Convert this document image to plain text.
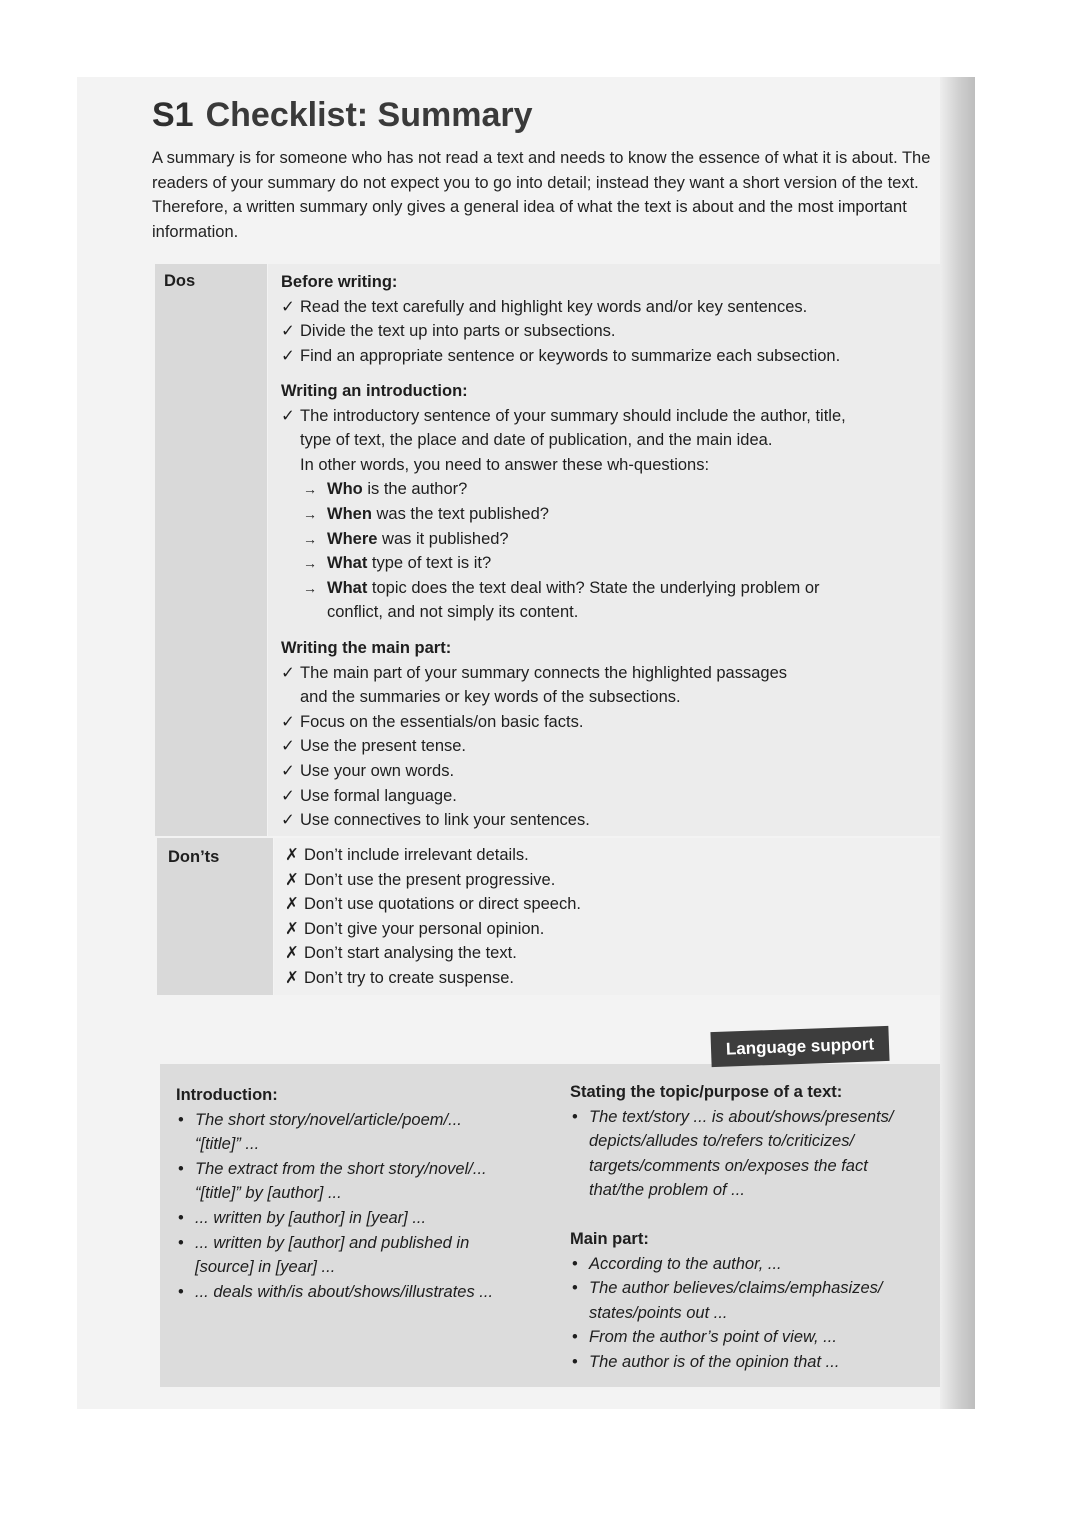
S1 Checklist: Summary

A summary is for someone who has not read a text and needs to know the essence of what it is about. The readers of your summary do not expect you to go into detail; instead they want a short version of the text. Therefore, a written summary only gives a general idea of what the text is about and the most important information.

Dos	Before writing:
✓ Read the text carefully and highlight key words and/or key sentences.
✓ Divide the text up into parts or subsections.
✓ Find an appropriate sentence or keywords to summarize each subsection.
Writing an introduction:
✓ The introductory sentence of your summary should include the author, title,
type of text, the place and date of publication, and the main idea.
In other words, you need to answer these wh-questions:
→ Who is the author?
→ When was the text published?
→ Where was it published?
→ What type of text is it?
→ What topic does the text deal with? State the underlying problem or
conflict, and not simply its content.
Writing the main part:
✓ The main part of your summary connects the highlighted passages
and the summaries or key words of the subsections.
✓ Focus on the essentials/on basic facts.
✓ Use the present tense.
✓ Use your own words.
✓ Use formal language.
✓ Use connectives to link your sentences.
Don’ts	✗ Don’t include irrelevant details.
✗ Don’t use the present progressive.
✗ Don’t use quotations or direct speech.
✗ Don’t give your personal opinion.
✗ Don’t start analysing the text.
✗ Don’t try to create suspense.
Language support
Introduction:
• The short story/novel/article/poem/...
“[title]” ...
• The extract from the short story/novel/...
“[title]” by [author] ...
• ... written by [author] in [year] ...
• ... written by [author] and published in
[source] in [year] ...
• ... deals with/is about/shows/illustrates ...
Stating the topic/purpose of a text:
• The text/story ... is about/shows/presents/
depicts/alludes to/refers to/criticizes/
targets/comments on/exposes the fact
that/the problem of ...
Main part:
• According to the author, ...
• The author believes/claims/emphasizes/
states/points out ...
• From the author’s point of view, ...
• The author is of the opinion that ...
